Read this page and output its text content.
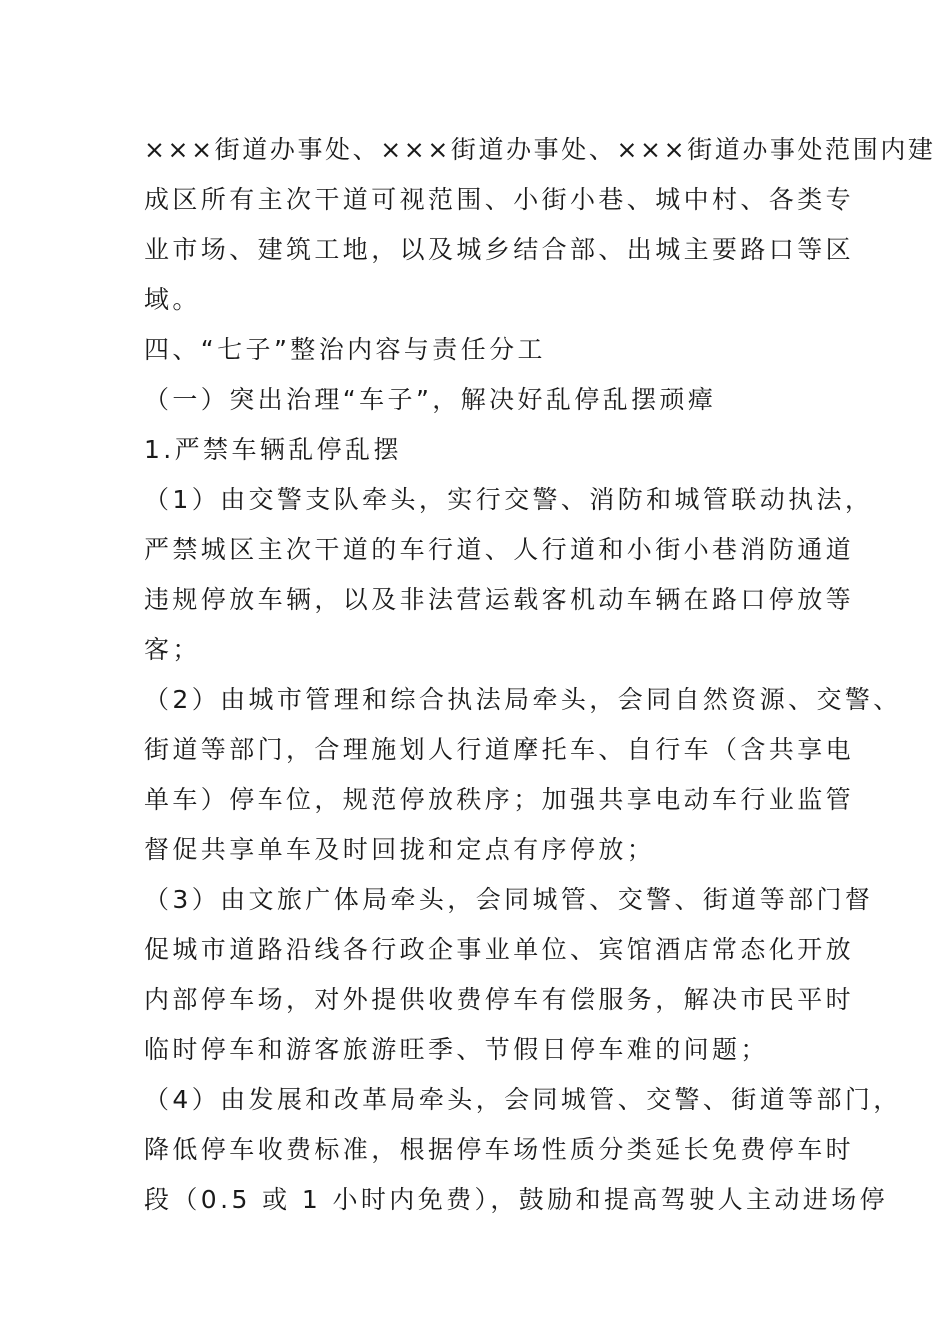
×××街道办事处、×××街道办事处、×××街道办事处范围内建
成区所有主次干道可视范围、小街小巷、城中村、各类专
业市场、建筑工地，以及城乡结合部、出城主要路口等区
域。
四、“七子”整治内容与责任分工
（一）突出治理“车子”，解决好乱停乱摆顽瘴
1.严禁车辆乱停乱摆
（1）由交警支队牵头，实行交警、消防和城管联动执法，
严禁城区主次干道的车行道、人行道和小街小巷消防通道
违规停放车辆，以及非法营运载客机动车辆在路口停放等
客；
（2）由城市管理和综合执法局牵头，会同自然资源、交警、
街道等部门，合理施划人行道摩托车、自行车（含共享电
单车）停车位，规范停放秩序；加强共享电动车行业监管
督促共享单车及时回拢和定点有序停放；
（3）由文旅广体局牵头，会同城管、交警、街道等部门督
促城市道路沿线各行政企事业单位、宾馆酒店常态化开放
内部停车场，对外提供收费停车有偿服务，解决市民平时
临时停车和游客旅游旺季、节假日停车难的问题；
（4）由发展和改革局牵头，会同城管、交警、街道等部门，
降低停车收费标准，根据停车场性质分类延长免费停车时
段（0.5 或 1 小时内免费），鼓励和提高驾驶人主动进场停
